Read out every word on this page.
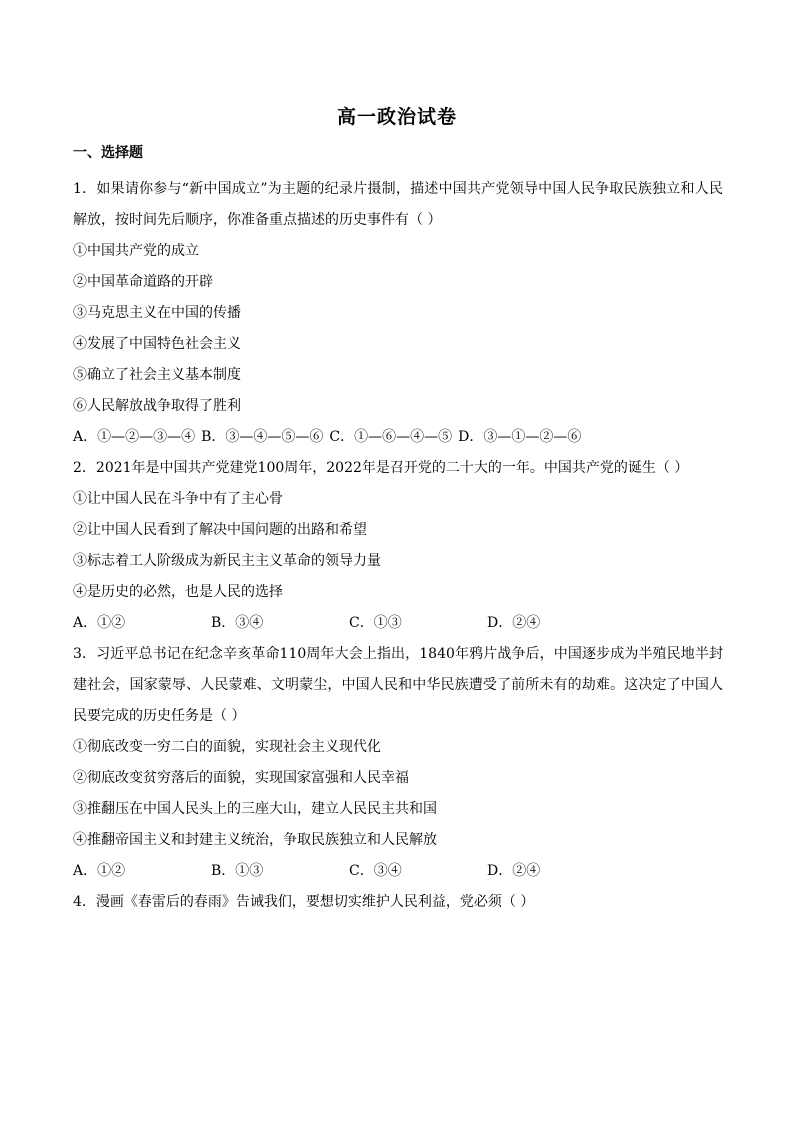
高一政治试卷
一、选择题
1．如果请你参与“新中国成立”为主题的纪录片摄制，描述中国共产党领导中国人民争取民族独立和人民解放，按时间先后顺序，你准备重点描述的历史事件有（ ）
①中国共产党的成立
②中国革命道路的开辟
③马克思主义在中国的传播
④发展了中国特色社会主义
⑤确立了社会主义基本制度
⑥人民解放战争取得了胜利
A．①—②—③—④ B．③—④—⑤—⑥ C．①—⑥—④—⑤ D．③—①—②—⑥
2．2021年是中国共产党建党100周年，2022年是召开党的二十大的一年。中国共产党的诞生（ ）
①让中国人民在斗争中有了主心骨
②让中国人民看到了解决中国问题的出路和希望
③标志着工人阶级成为新民主主义革命的领导力量
④是历史的必然，也是人民的选择
A．①②	B．③④	C．①③	D．②④
3．习近平总书记在纪念辛亥革命110周年大会上指出，1840年鸦片战争后，中国逐步成为半殖民地半封建社会，国家蒙辱、人民蒙难、文明蒙尘，中国人民和中华民族遭受了前所未有的劫难。这决定了中国人民要完成的历史任务是（ ）
①彻底改变一穷二白的面貌，实现社会主义现代化
②彻底改变贫穷落后的面貌，实现国家富强和人民幸福
③推翻压在中国人民头上的三座大山，建立人民民主共和国
④推翻帝国主义和封建主义统治，争取民族独立和人民解放
A．①②	B．①③	C．③④	D．②④
4．漫画《春雷后的春雨》告诫我们，要想切实维护人民利益，党必须（ ）
